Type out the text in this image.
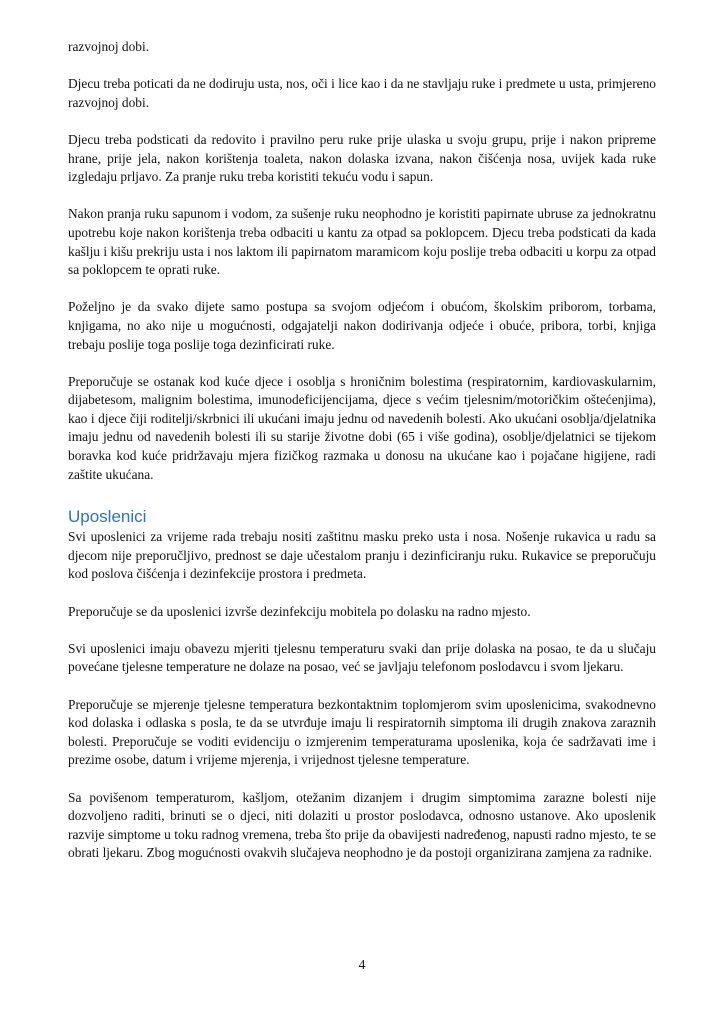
razvojnoj dobi.

Djecu treba poticati da ne dodiruju usta, nos, oči i lice kao i da ne stavljaju ruke i predmete u usta, primjereno razvojnoj dobi.

Djecu treba podsticati da redovito i pravilno peru ruke prije ulaska u svoju grupu, prije i nakon pripreme hrane, prije jela, nakon korištenja toaleta, nakon dolaska izvana, nakon čišćenja nosa, uvijek kada ruke izgledaju prljavo. Za pranje ruku treba koristiti tekuću vodu i sapun.

Nakon pranja ruku sapunom i vodom, za sušenje ruku neophodno je koristiti papirnate ubruse za jednokratnu upotrebu koje nakon korištenja treba odbaciti u kantu za otpad sa poklopcem. Djecu treba podsticati da kada kašlju i kišu prekriju usta i nos laktom ili papirnatom maramicom koju poslije treba odbaciti u korpu za otpad sa poklopcem te oprati ruke.

Poželjno je da svako dijete samo postupa sa svojom odjećom i obućom, školskim priborom, torbama, knjigama, no ako nije u mogućnosti, odgajatelji nakon dodirivanja odjeće i obuće, pribora, torbi, knjiga trebaju poslije toga poslije toga dezinficirati ruke.

Preporučuje se ostanak kod kuće djece i osoblja s hroničnim bolestima (respiratornim, kardiovaskularnim, dijabetesom, malignim bolestima, imunodeficijencijama, djece s većim tjelesnim/motoričkim oštećenjima), kao i djece čiji roditelji/skrbnici ili ukućani imaju jednu od navedenih bolesti. Ako ukućani osoblja/djelatnika imaju jednu od navedenih bolesti ili su starije životne dobi (65 i više godina), osoblje/djelatnici se tijekom boravka kod kuće pridržavaju mjera fizičkog razmaka u donosu na ukućane kao i pojačane higijene, radi zaštite ukućana.

Uposlenici

Svi uposlenici za vrijeme rada trebaju nositi zaštitnu masku preko usta i nosa. Nošenje rukavica u radu sa djecom nije preporučljivo, prednost se daje učestalom pranju i dezinficiranju ruku. Rukavice se preporučuju kod poslova čišćenja i dezinfekcije prostora i predmeta.

Preporučuje se da uposlenici izvrše dezinfekciju mobitela po dolasku na radno mjesto.

Svi uposlenici imaju obavezu mjeriti tjelesnu temperaturu svaki dan prije dolaska na posao, te da u slučaju povećane tjelesne temperature ne dolaze na posao, već se javljaju telefonom poslodavcu i svom ljekaru.

Preporučuje se mjerenje tjelesne temperatura bezkontaktnim toplomjerom svim uposlenicima, svakodnevno kod dolaska i odlaska s posla, te da se utvrđuje imaju li respiratornih simptoma ili drugih znakova zaraznih bolesti. Preporučuje se voditi evidenciju o izmjerenim temperaturama uposlenika, koja će sadržavati ime i prezime osobe, datum i vrijeme mjerenja, i vrijednost tjelesne temperature.

Sa povišenom temperaturom, kašljom, otežanim dizanjem i drugim simptomima zarazne bolesti nije dozvoljeno raditi, brinuti se o djeci, niti dolaziti u prostor poslodavca, odnosno ustanove. Ako uposlenik razvije simptome u toku radnog vremena, treba što prije da obavijesti nadređenog, napusti radno mjesto, te se obrati ljekaru. Zbog mogućnosti ovakvih slučajeva neophodno je da postoji organizirana zamjena za radnike.

4
